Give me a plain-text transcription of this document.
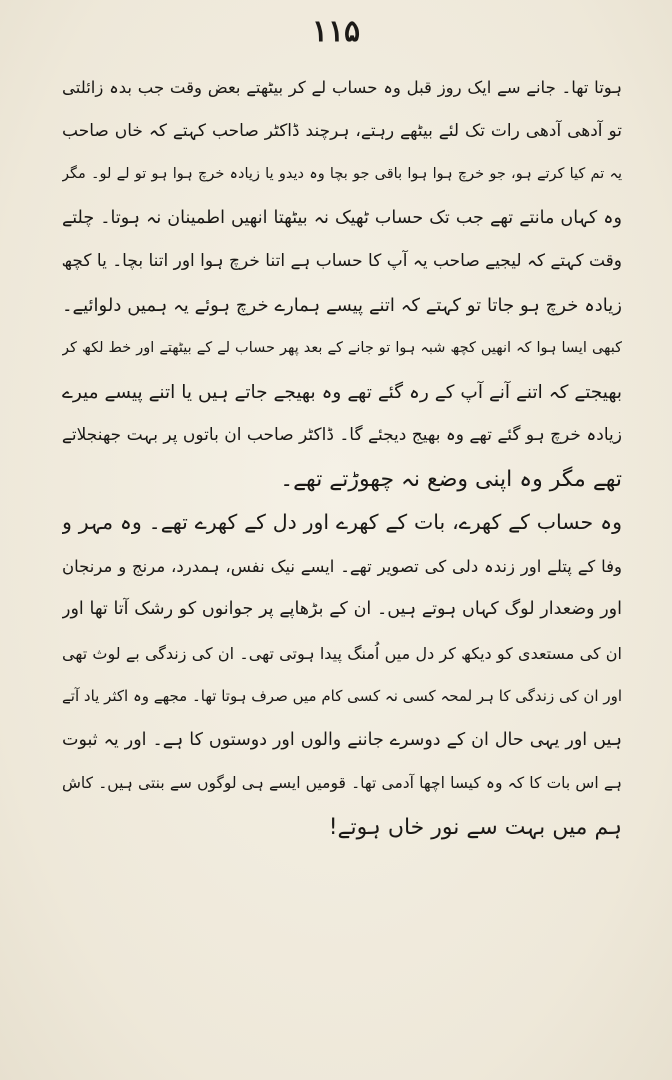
۱۱۵
ہوتا تھا۔ جانے سے ایک روز قبل وہ حساب لے کر بیٹھتے بعض وقت جب بدہ زائلتی
تو آدھی آدھی رات تک لئے بیٹھے رہتے، ہرچند ڈاکٹر صاحب کہتے کہ خاں صاحب
یہ تم کیا کرتے ہو، جو خرچ ہوا ہوا باقی جو بچا وہ دیدو یا زیادہ خرچ ہوا ہو تو لے لو۔ مگر
وہ کہاں مانتے تھے جب تک حساب ٹھیک نہ بیٹھتا انھیں اطمینان نہ ہوتا۔ چلتے
وقت کہتے کہ لیجیے صاحب یہ آپ کا حساب ہے اتنا خرچ ہوا اور اتنا بچا۔ یا کچھ
زیادہ خرچ ہو جاتا تو کہتے کہ اتنے پیسے ہمارے خرچ ہوئے یہ ہمیں دلوائیے۔
کبھی ایسا ہوا کہ انھیں کچھ شبہ ہوا تو جانے کے بعد پھر حساب لے کے بیٹھتے اور خط لکھ کر
بھیجتے کہ اتنے آنے آپ کے رہ گئے تھے وہ بھیجے جاتے ہیں یا اتنے پیسے میرے
زیادہ خرچ ہو گئے تھے وہ بھیج دیجئے گا۔ ڈاکٹر صاحب ان باتوں پر بہت جھنجلاتے
تھے مگر وہ اپنی وضع نہ چھوڑتے تھے۔
وہ حساب کے کھرے، بات کے کھرے اور دل کے کھرے تھے۔ وہ مہر و
وفا کے پتلے اور زندہ دلی کی تصویر تھے۔ ایسے نیک نفس، ہمدرد، مرنج و مرنجان
اور وضعدار لوگ کہاں ہوتے ہیں۔ ان کے بڑھاپے پر جوانوں کو رشک آتا تھا اور
ان کی مستعدی کو دیکھ کر دل میں اُمنگ پیدا ہوتی تھی۔ ان کی زندگی بے لوث تھی
اور ان کی زندگی کا ہر لمحہ کسی نہ کسی کام میں صرف ہوتا تھا۔ مجھے وہ اکثر یاد آتے
ہیں اور یہی حال ان کے دوسرے جاننے والوں اور دوستوں کا ہے۔ اور یہ ثبوت
ہے اس بات کا کہ وہ کیسا اچھا آدمی تھا۔ قومیں ایسے ہی لوگوں سے بنتی ہیں۔ کاش
ہم میں بہت سے نور خاں ہوتے!
